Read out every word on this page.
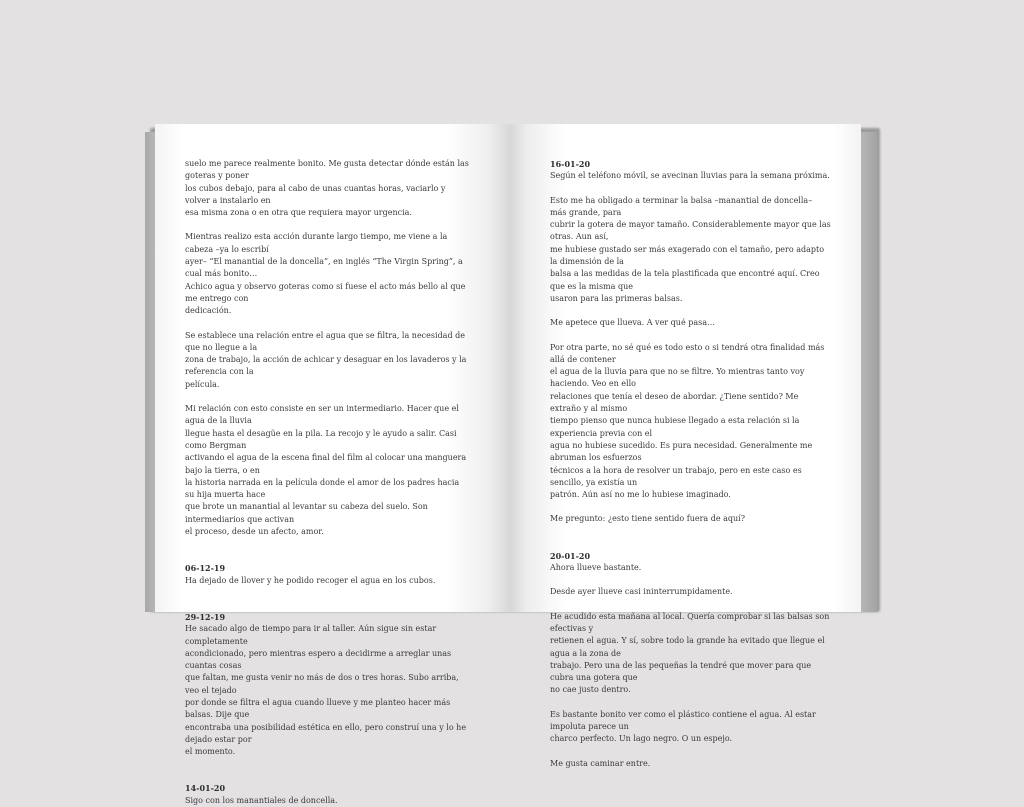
suelo me parece realmente bonito. Me gusta detectar dónde están las goteras y poner
los cubos debajo, para al cabo de unas cuantas horas, vaciarlo y volver a instalarlo en
esa misma zona o en otra que requiera mayor urgencia.

Mientras realizo esta acción durante largo tiempo, me viene a la cabeza –ya lo escribí
ayer– “El manantial de la doncella”, en inglés “The Virgin Spring”, a cual más bonito…
Achico agua y observo goteras como si fuese el acto más bello al que me entrego con
dedicación.

Se establece una relación entre el agua que se filtra, la necesidad de que no llegue a la
zona de trabajo, la acción de achicar y desaguar en los lavaderos y la referencia con la
película.

Mi relación con esto consiste en ser un intermediario. Hacer que el agua de la lluvia
llegue hasta el desagüe en la pila. La recojo y le ayudo a salir. Casi como Bergman
activando el agua de la escena final del film al colocar una manguera bajo la tierra, o en
la historia narrada en la película donde el amor de los padres hacia su hija muerta hace
que brote un manantial al levantar su cabeza del suelo. Son intermediarios que activan
el proceso, desde un afecto, amor.

06-12-19

Ha dejado de llover y he podido recoger el agua en los cubos.

29-12-19

He sacado algo de tiempo para ir al taller. Aún sigue sin estar completamente
acondicionado, pero mientras espero a decidirme a arreglar unas cuantas cosas
que faltan, me gusta venir no más de dos o tres horas. Subo arriba, veo el tejado
por donde se filtra el agua cuando llueve y me planteo hacer más balsas. Dije que
encontraba una posibilidad estética en ello, pero construí una y lo he dejado estar por
el momento.

14-01-20

Sigo con los manantiales de doncella.

16-01-20

Según el teléfono móvil, se avecinan lluvias para la semana próxima.

Esto me ha obligado a terminar la balsa –manantial de doncella– más grande, para
cubrir la gotera de mayor tamaño. Considerablemente mayor que las otras. Aun así,
me hubiese gustado ser más exagerado con el tamaño, pero adapto la dimensión de la
balsa a las medidas de la tela plastificada que encontré aquí. Creo que es la misma que
usaron para las primeras balsas.

Me apetece que llueva. A ver qué pasa…

Por otra parte, no sé qué es todo esto o si tendrá otra finalidad más allá de contener
el agua de la lluvia para que no se filtre. Yo mientras tanto voy haciendo. Veo en ello
relaciones que tenía el deseo de abordar. ¿Tiene sentido? Me extraño y al mismo
tiempo pienso que nunca hubiese llegado a esta relación si la experiencia previa con el
agua no hubiese sucedido. Es pura necesidad. Generalmente me abruman los esfuerzos
técnicos a la hora de resolver un trabajo, pero en este caso es sencillo, ya existía un
patrón. Aún así no me lo hubiese imaginado.

Me pregunto: ¿esto tiene sentido fuera de aquí?

20-01-20

Ahora llueve bastante.

Desde ayer llueve casi ininterrumpidamente.

He acudido esta mañana al local. Quería comprobar si las balsas son efectivas y
retienen el agua. Y sí, sobre todo la grande ha evitado que llegue el agua a la zona de
trabajo. Pero una de las pequeñas la tendré que mover para que cubra una gotera que
no cae justo dentro.

Es bastante bonito ver como el plástico contiene el agua. Al estar impoluta parece un
charco perfecto. Un lago negro. O un espejo.

Me gusta caminar entre.
